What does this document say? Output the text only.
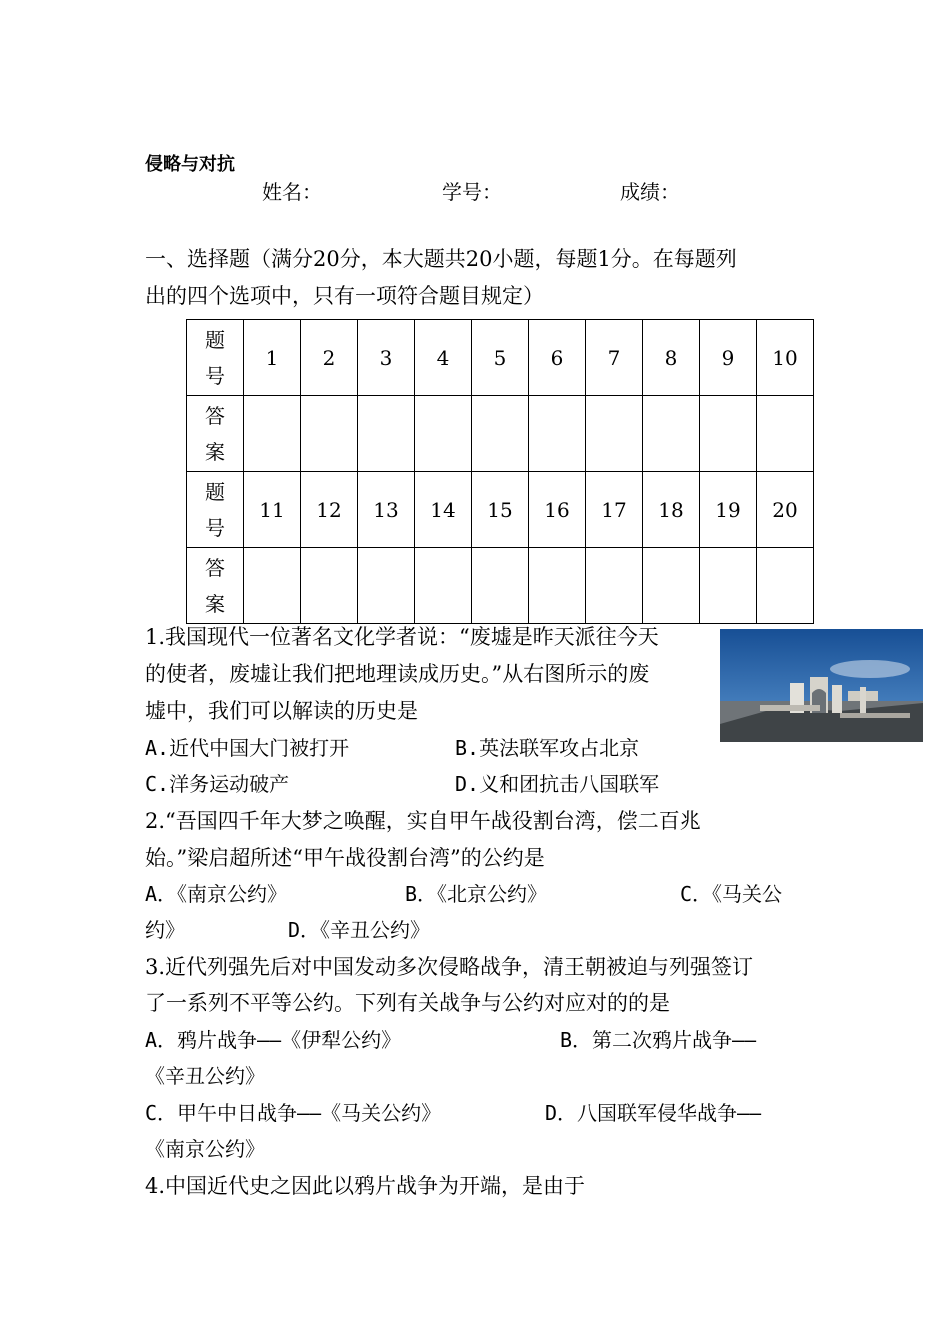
侵略与对抗
姓名：	学号：	成绩：
一、选择题（满分20分，本大题共20小题，每题1分。在每题列
出的四个选项中，只有一项符合题目规定）
题
号	1	2	3	4	5	6	7	8	9	10
答
案										
题
号	11	12	13	14	15	16	17	18	19	20
答
案										
1.我国现代一位著名文化学者说：“废墟是昨天派往今天
的使者，废墟让我们把地理读成历史。”从右图所示的废
墟中，我们可以解读的历史是
A.近代中国大门被打开	B.英法联军攻占北京
C.洋务运动破产	D.义和团抗击八国联军
2.“吾国四千年大梦之唤醒，实自甲午战役割台湾，偿二百兆
始。”梁启超所述“甲午战役割台湾”的公约是
A．《南京公约》	B．《北京公约》	C．《马关公
约》	D．《辛丑公约》
3.近代列强先后对中国发动多次侵略战争，清王朝被迫与列强签订
了一系列不平等公约。下列有关战争与公约对应对的的是
A．鸦片战争——《伊犁公约》	B．第二次鸦片战争——
《辛丑公约》
C．甲午中日战争——《马关公约》	D．八国联军侵华战争——
《南京公约》
4.中国近代史之因此以鸦片战争为开端，是由于
